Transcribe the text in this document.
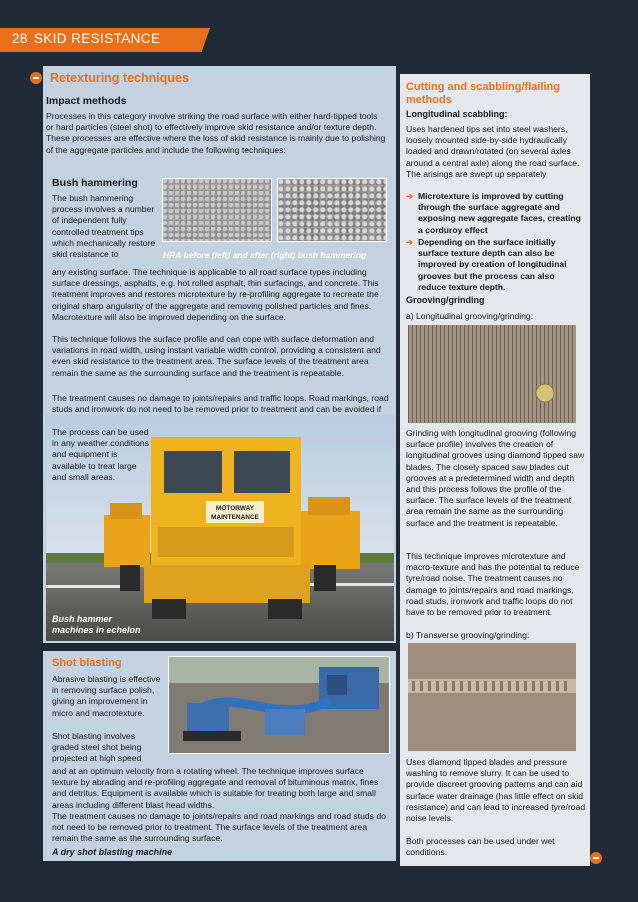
28 SKID RESISTANCE
Retexturing techniques
Impact methods
Processes in this category involve striking the road surface with either hard-tipped tools or hard particles (steel shot) to effectively improve skid resistance and/or texture depth. These processes are effective where the loss of skid resistance is mainly due to polishing of the aggregate particles and include the following techniques:
Bush hammering
The bush hammering process involves a number of independent fully controlled treatment tips which mechanically restore skid resistance to	HRA before (left) and after (right) bush hammering
any existing surface. The technique is applicable to all road surface types including surface dressings, asphalts, e.g. hot rolled asphalt, thin surfacings, and concrete. This treatment improves and restores microtexture by re-profiling aggregate to recreate the original sharp angularity of the aggregate and removing polished particles and fines. Macrotexture will also be improved depending on the surface.
This technique follows the surface profile and can cope with surface deformation and variations in road width, using instant variable width control, providing a consistent and even skid resistance to the treatment area. The surface levels of the treatment area remain the same as the surrounding surface and the treatment is repeatable.
The treatment causes no damage to joints/repairs and traffic loops. Road markings, road studs and ironwork do not need to be removed prior to treatment and can be avoided if
MOTORWAY
MAINTENANCE
The process can be used in any weather conditions and equipment is available to treat large and small areas.
Bush hammer
machines in echelon
Shot blasting
Abrasive blasting is effective in removing surface polish, giving an improvement in micro and macrotexture.
Shot blasting involves graded steel shot being projected at high speed
and at an optimum velocity from a rotating wheel. The technique improves surface texture by abrading and re-profiling aggregate and removal of bituminous matrix, fines and detritus. Equipment is available which is suitable for treating both large and small areas including different blast head widths.
The treatment causes no damage to joints/repairs and road markings and road studs do not need to be removed prior to treatment. The surface levels of the treatment area remain the same as the surrounding surface.
A dry shot blasting machine
Cutting and scabbling/flailing methods
Longitudinal scabbling:
Uses hardened tips set into steel washers, loosely mounted side-by-side hydraulically loaded and drawn/rotated (on several axles around a central axle) along the road surface. The arisings are swept up separately
➔ Microtexture is improved by cutting through the surface aggregate and exposing new aggregate faces, creating a corduroy effect
➔ Depending on the surface initially surface texture depth can also be improved by creation of longitudinal grooves but the process can also reduce texture depth.
Grooving/grinding
a) Longitudinal grooving/grinding:
Grinding with longitudinal grooving (following surface profile) involves the creation of longitudinal grooves using diamond tipped saw blades. The closely spaced saw blades cut grooves at a predetermined width and depth and this process follows the profile of the surface. The surface levels of the treatment area remain the same as the surrounding surface and the treatment is repeatable.
This technique improves microtexture and macro-texture and has the potential to reduce tyre/road noise. The treatment causes no damage to joints/repairs and road markings, road studs, ironwork and traffic loops do not have to be removed prior to treatment.
b) Transverse grooving/grinding:
Uses diamond tipped blades and pressure washing to remove slurry. It can be used to provide discreet grooving patterns and can aid surface water drainage (has little effect on skid resistance) and can lead to increased tyre/road noise levels.
Both processes can be used under wet conditions.
